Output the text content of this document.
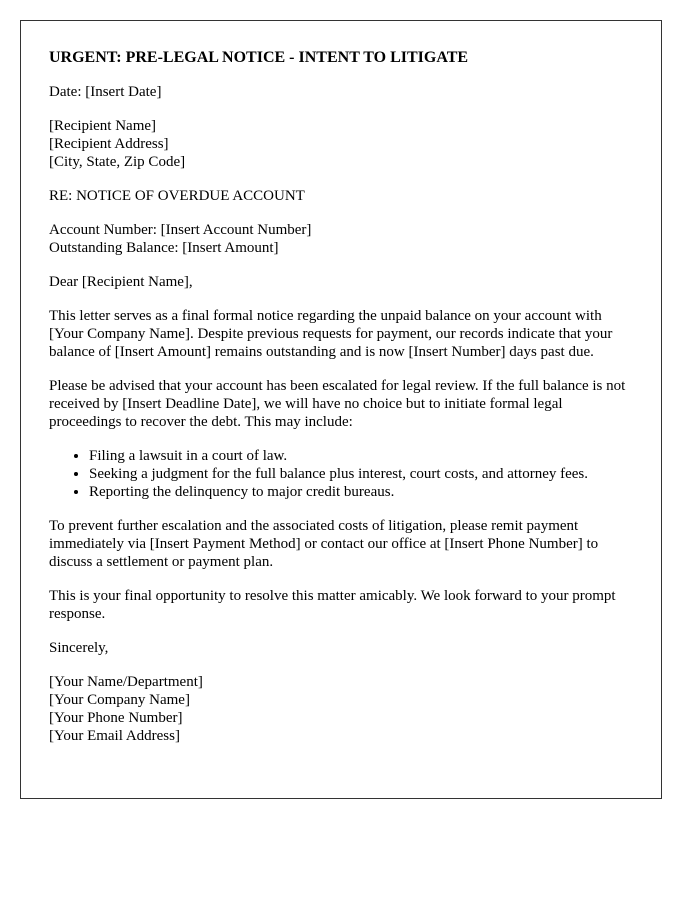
URGENT: PRE-LEGAL NOTICE - INTENT TO LITIGATE

Date: [Insert Date]

[Recipient Name]
[Recipient Address]
[City, State, Zip Code]

RE: NOTICE OF OVERDUE ACCOUNT

Account Number: [Insert Account Number]
Outstanding Balance: [Insert Amount]

Dear [Recipient Name],

This letter serves as a final formal notice regarding the unpaid balance on your account with [Your Company Name]. Despite previous requests for payment, our records indicate that your balance of [Insert Amount] remains outstanding and is now [Insert Number] days past due.

Please be advised that your account has been escalated for legal review. If the full balance is not received by [Insert Deadline Date], we will have no choice but to initiate formal legal proceedings to recover the debt. This may include:

• Filing a lawsuit in a court of law.
• Seeking a judgment for the full balance plus interest, court costs, and attorney fees.
• Reporting the delinquency to major credit bureaus.

To prevent further escalation and the associated costs of litigation, please remit payment immediately via [Insert Payment Method] or contact our office at [Insert Phone Number] to discuss a settlement or payment plan.

This is your final opportunity to resolve this matter amicably. We look forward to your prompt response.

Sincerely,

[Your Name/Department]
[Your Company Name]
[Your Phone Number]
[Your Email Address]
